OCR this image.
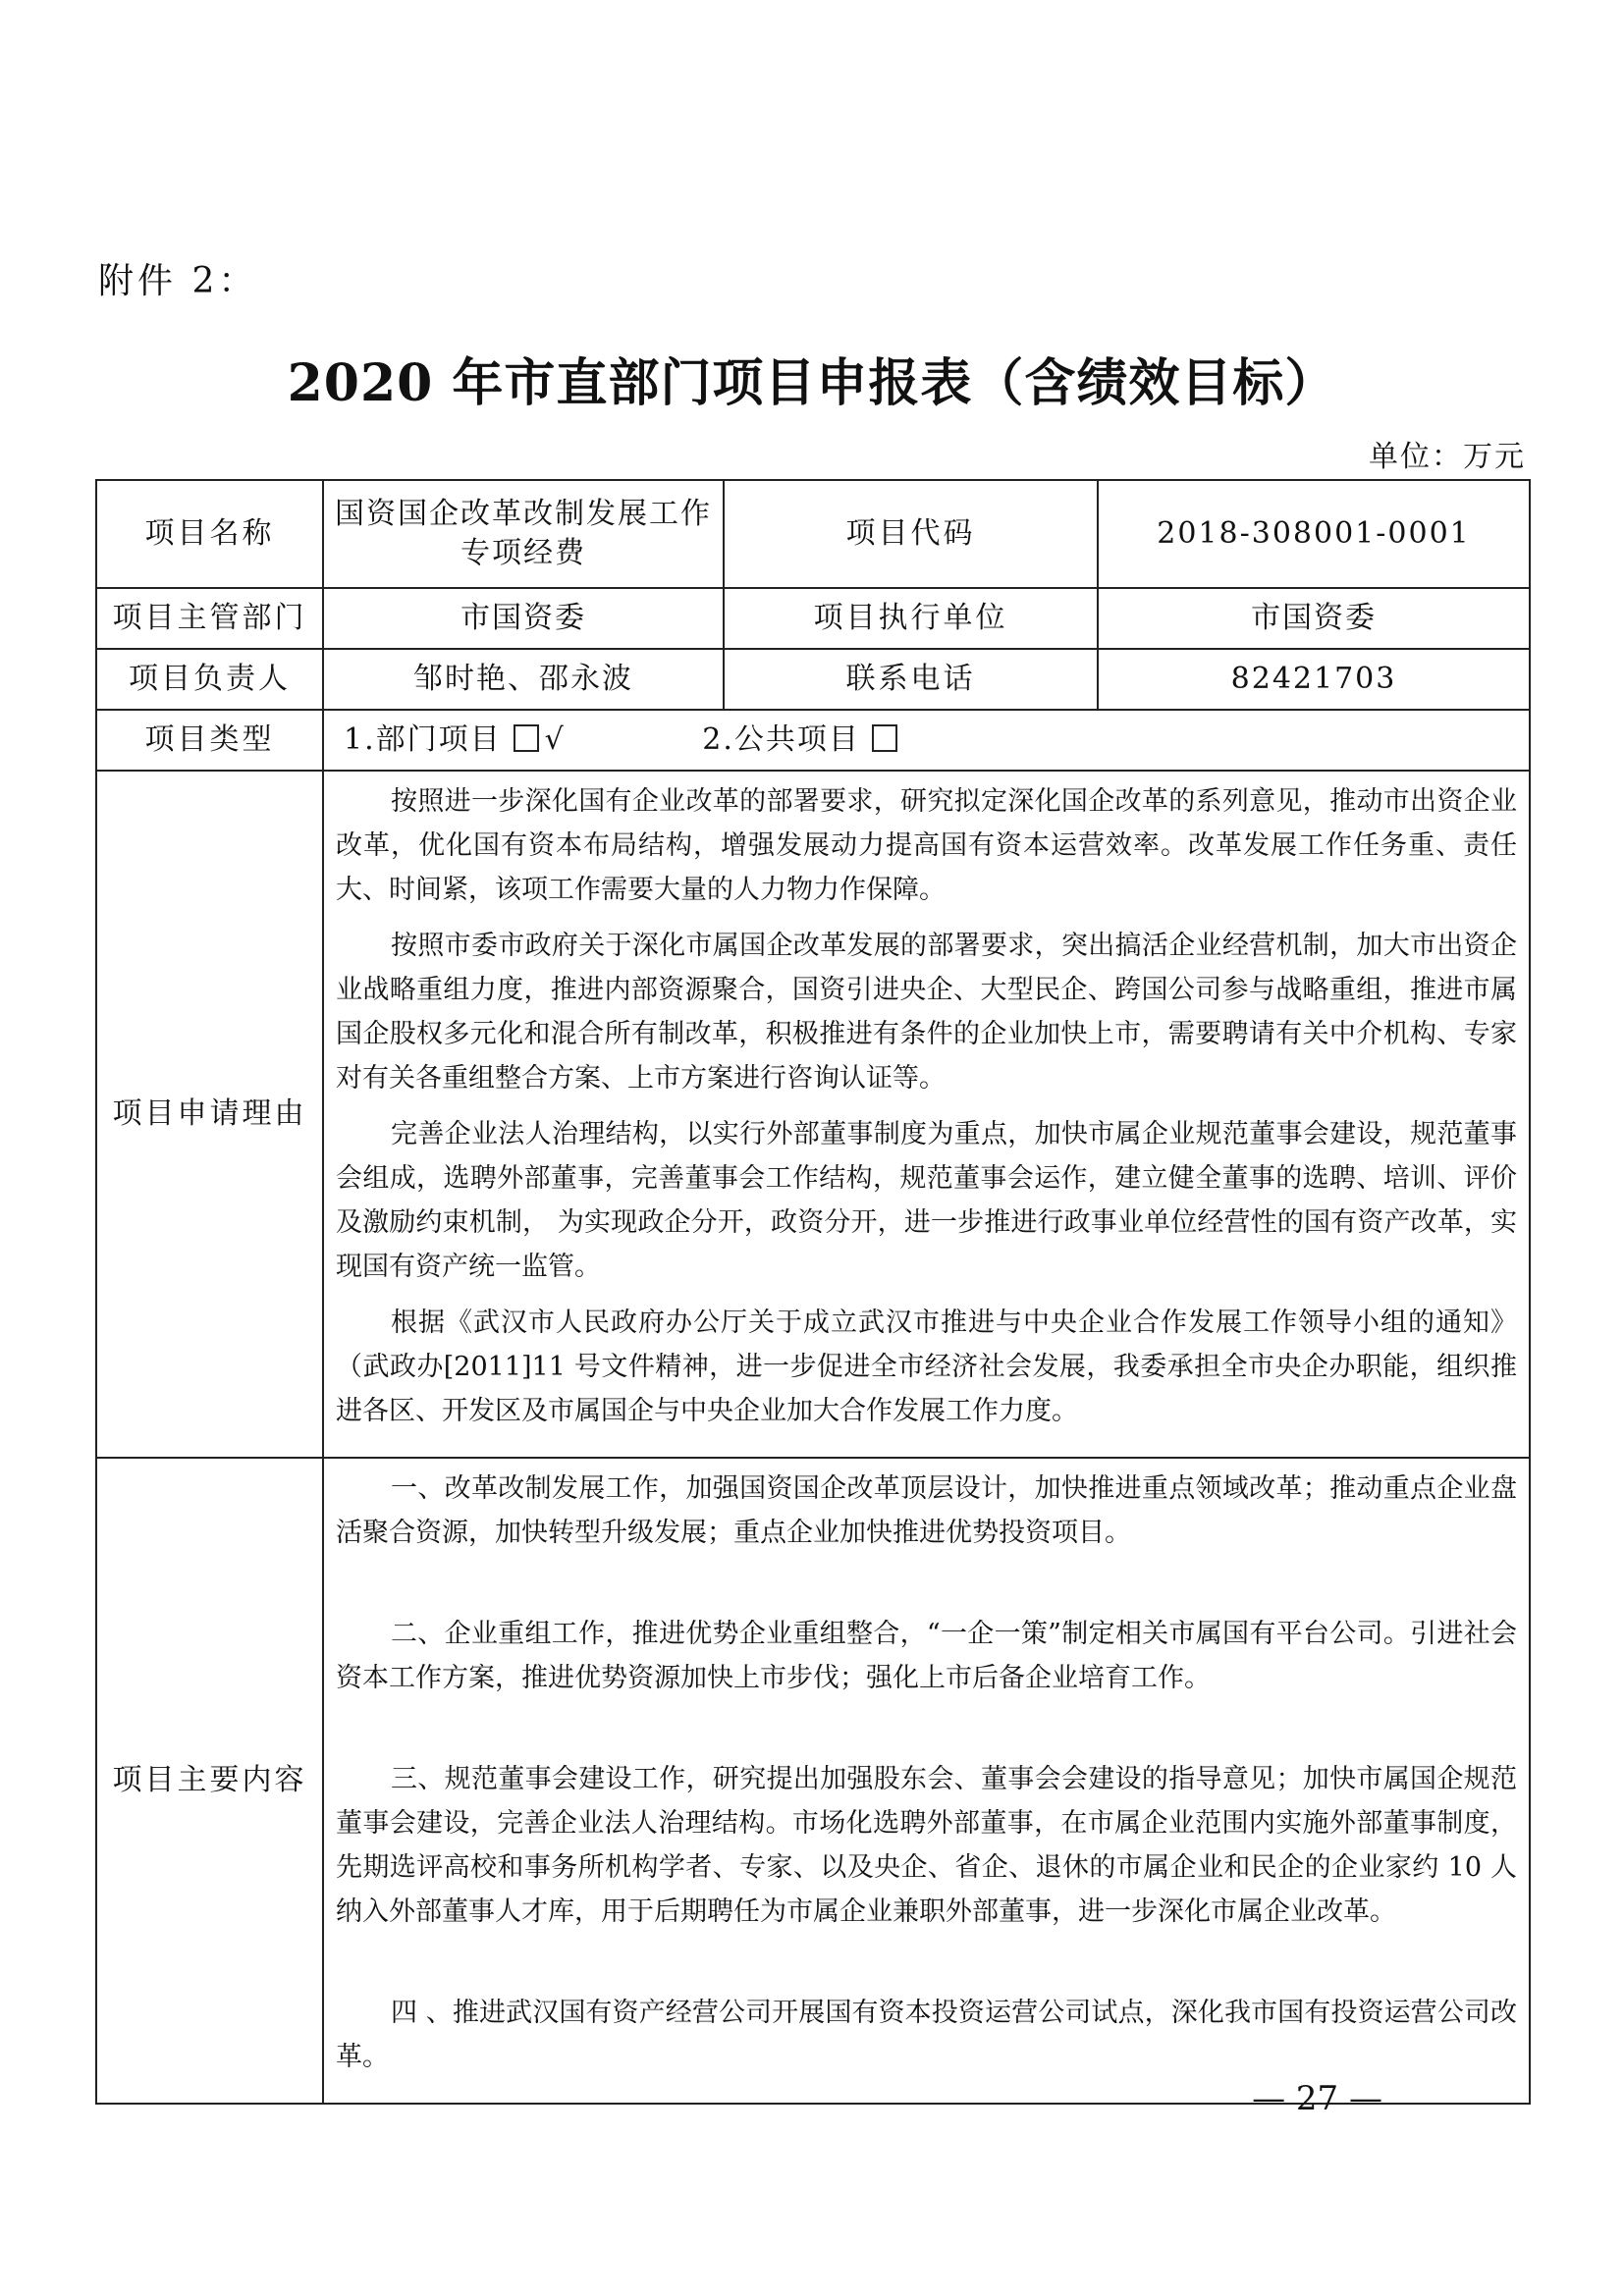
附件 2：
2020 年市直部门项目申报表（含绩效目标）
单位：万元
项目名称	国资国企改革改制发展工作专项经费	项目代码	2018-308001-0001
项目主管部门	市国资委	项目执行单位	市国资委
项目负责人	邹时艳、邵永波	联系电话	82421703
项目类型	1.部门项目 √ 2.公共项目		
项目申请理由	按照进一步深化国有企业改革的部署要求，研究拟定深化国企改革的系列意见，推动市出资企业改革，优化国有资本布局结构，增强发展动力提高国有资本运营效率。改革发展工作任务重、责任大、时间紧，该项工作需要大量的人力物力作保障。

按照市委市政府关于深化市属国企改革发展的部署要求，突出搞活企业经营机制，加大市出资企业战略重组力度，推进内部资源聚合，国资引进央企、大型民企、跨国公司参与战略重组，推进市属国企股权多元化和混合所有制改革，积极推进有条件的企业加快上市，需要聘请有关中介机构、专家对有关各重组整合方案、上市方案进行咨询认证等。

完善企业法人治理结构，以实行外部董事制度为重点，加快市属企业规范董事会建设，规范董事会组成，选聘外部董事，完善董事会工作结构，规范董事会运作，建立健全董事的选聘、培训、评价及激励约束机制， 为实现政企分开，政资分开，进一步推进行政事业单位经营性的国有资产改革，实现国有资产统一监管。

根据《武汉市人民政府办公厅关于成立武汉市推进与中央企业合作发展工作领导小组的通知》（武政办[2011]11 号文件精神，进一步促进全市经济社会发展，我委承担全市央企办职能，组织推进各区、开发区及市属国企与中央企业加大合作发展工作力度。		

项目主要内容	一、改革改制发展工作，加强国资国企改革顶层设计，加快推进重点领域改革；推动重点企业盘活聚合资源，加快转型升级发展；重点企业加快推进优势投资项目。

二、企业重组工作，推进优势企业重组整合，“一企一策”制定相关市属国有平台公司。引进社会资本工作方案，推进优势资源加快上市步伐；强化上市后备企业培育工作。

三、规范董事会建设工作，研究提出加强股东会、董事会会建设的指导意见；加快市属国企规范董事会建设，完善企业法人治理结构。市场化选聘外部董事，在市属企业范围内实施外部董事制度，先期选评高校和事务所机构学者、专家、以及央企、省企、退休的市属企业和民企的企业家约 10 人纳入外部董事人才库，用于后期聘任为市属企业兼职外部董事，进一步深化市属企业改革。

四 、推进武汉国有资产经营公司开展国有资本投资运营公司试点，深化我市国有投资运营公司改革。		

— 27 —
